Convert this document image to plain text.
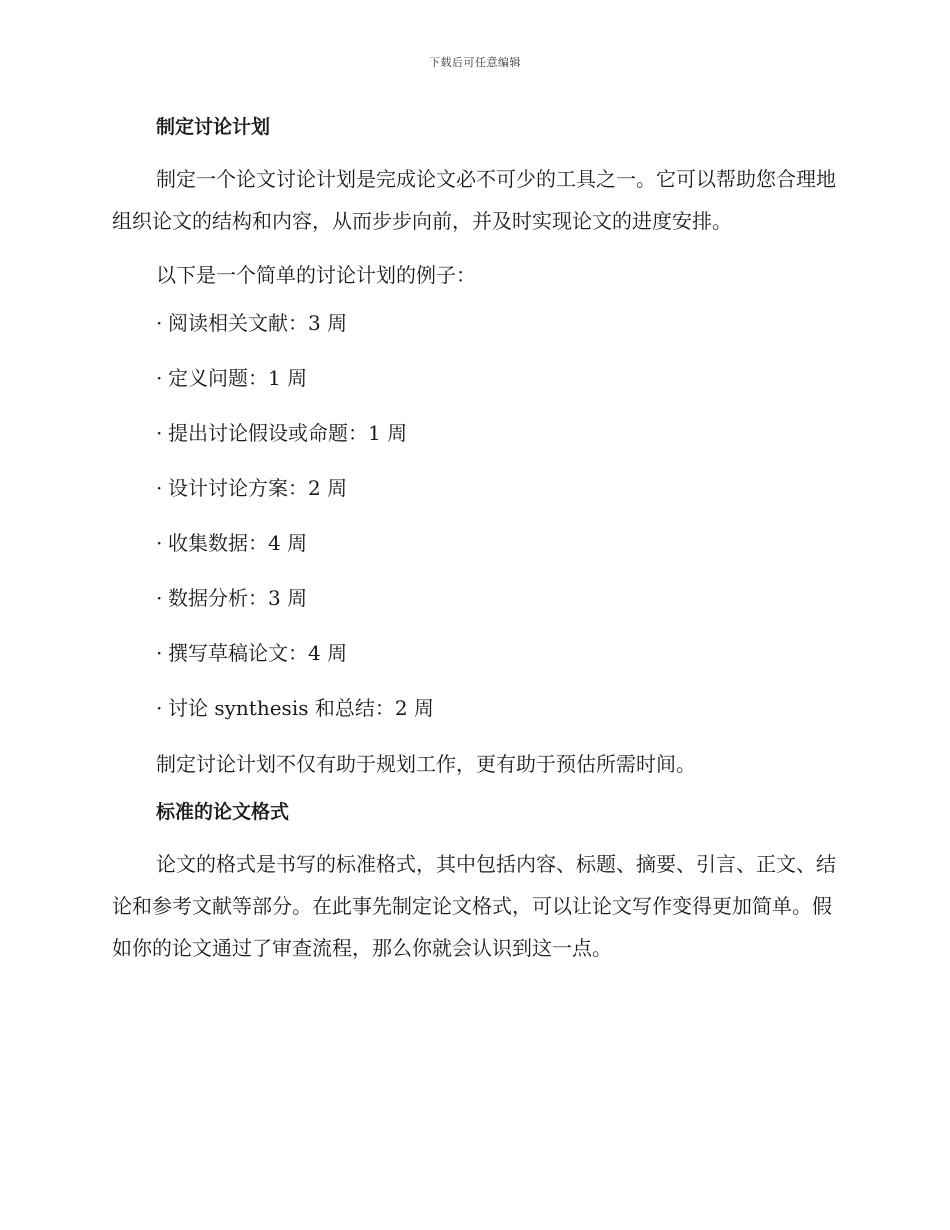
下载后可任意编辑
制定讨论计划

制定一个论文讨论计划是完成论文必不可少的工具之一。它可以帮助您合理地组织论文的结构和内容，从而步步向前，并及时实现论文的进度安排。

以下是一个简单的讨论计划的例子：

· 阅读相关文献：3 周
· 定义问题：1 周
· 提出讨论假设或命题：1 周
· 设计讨论方案：2 周
· 收集数据：4 周
· 数据分析：3 周
· 撰写草稿论文：4 周
· 讨论 synthesis 和总结：2 周

制定讨论计划不仅有助于规划工作，更有助于预估所需时间。

标准的论文格式

论文的格式是书写的标准格式，其中包括内容、标题、摘要、引言、正文、结论和参考文献等部分。在此事先制定论文格式，可以让论文写作变得更加简单。假如你的论文通过了审查流程，那么你就会认识到这一点。
